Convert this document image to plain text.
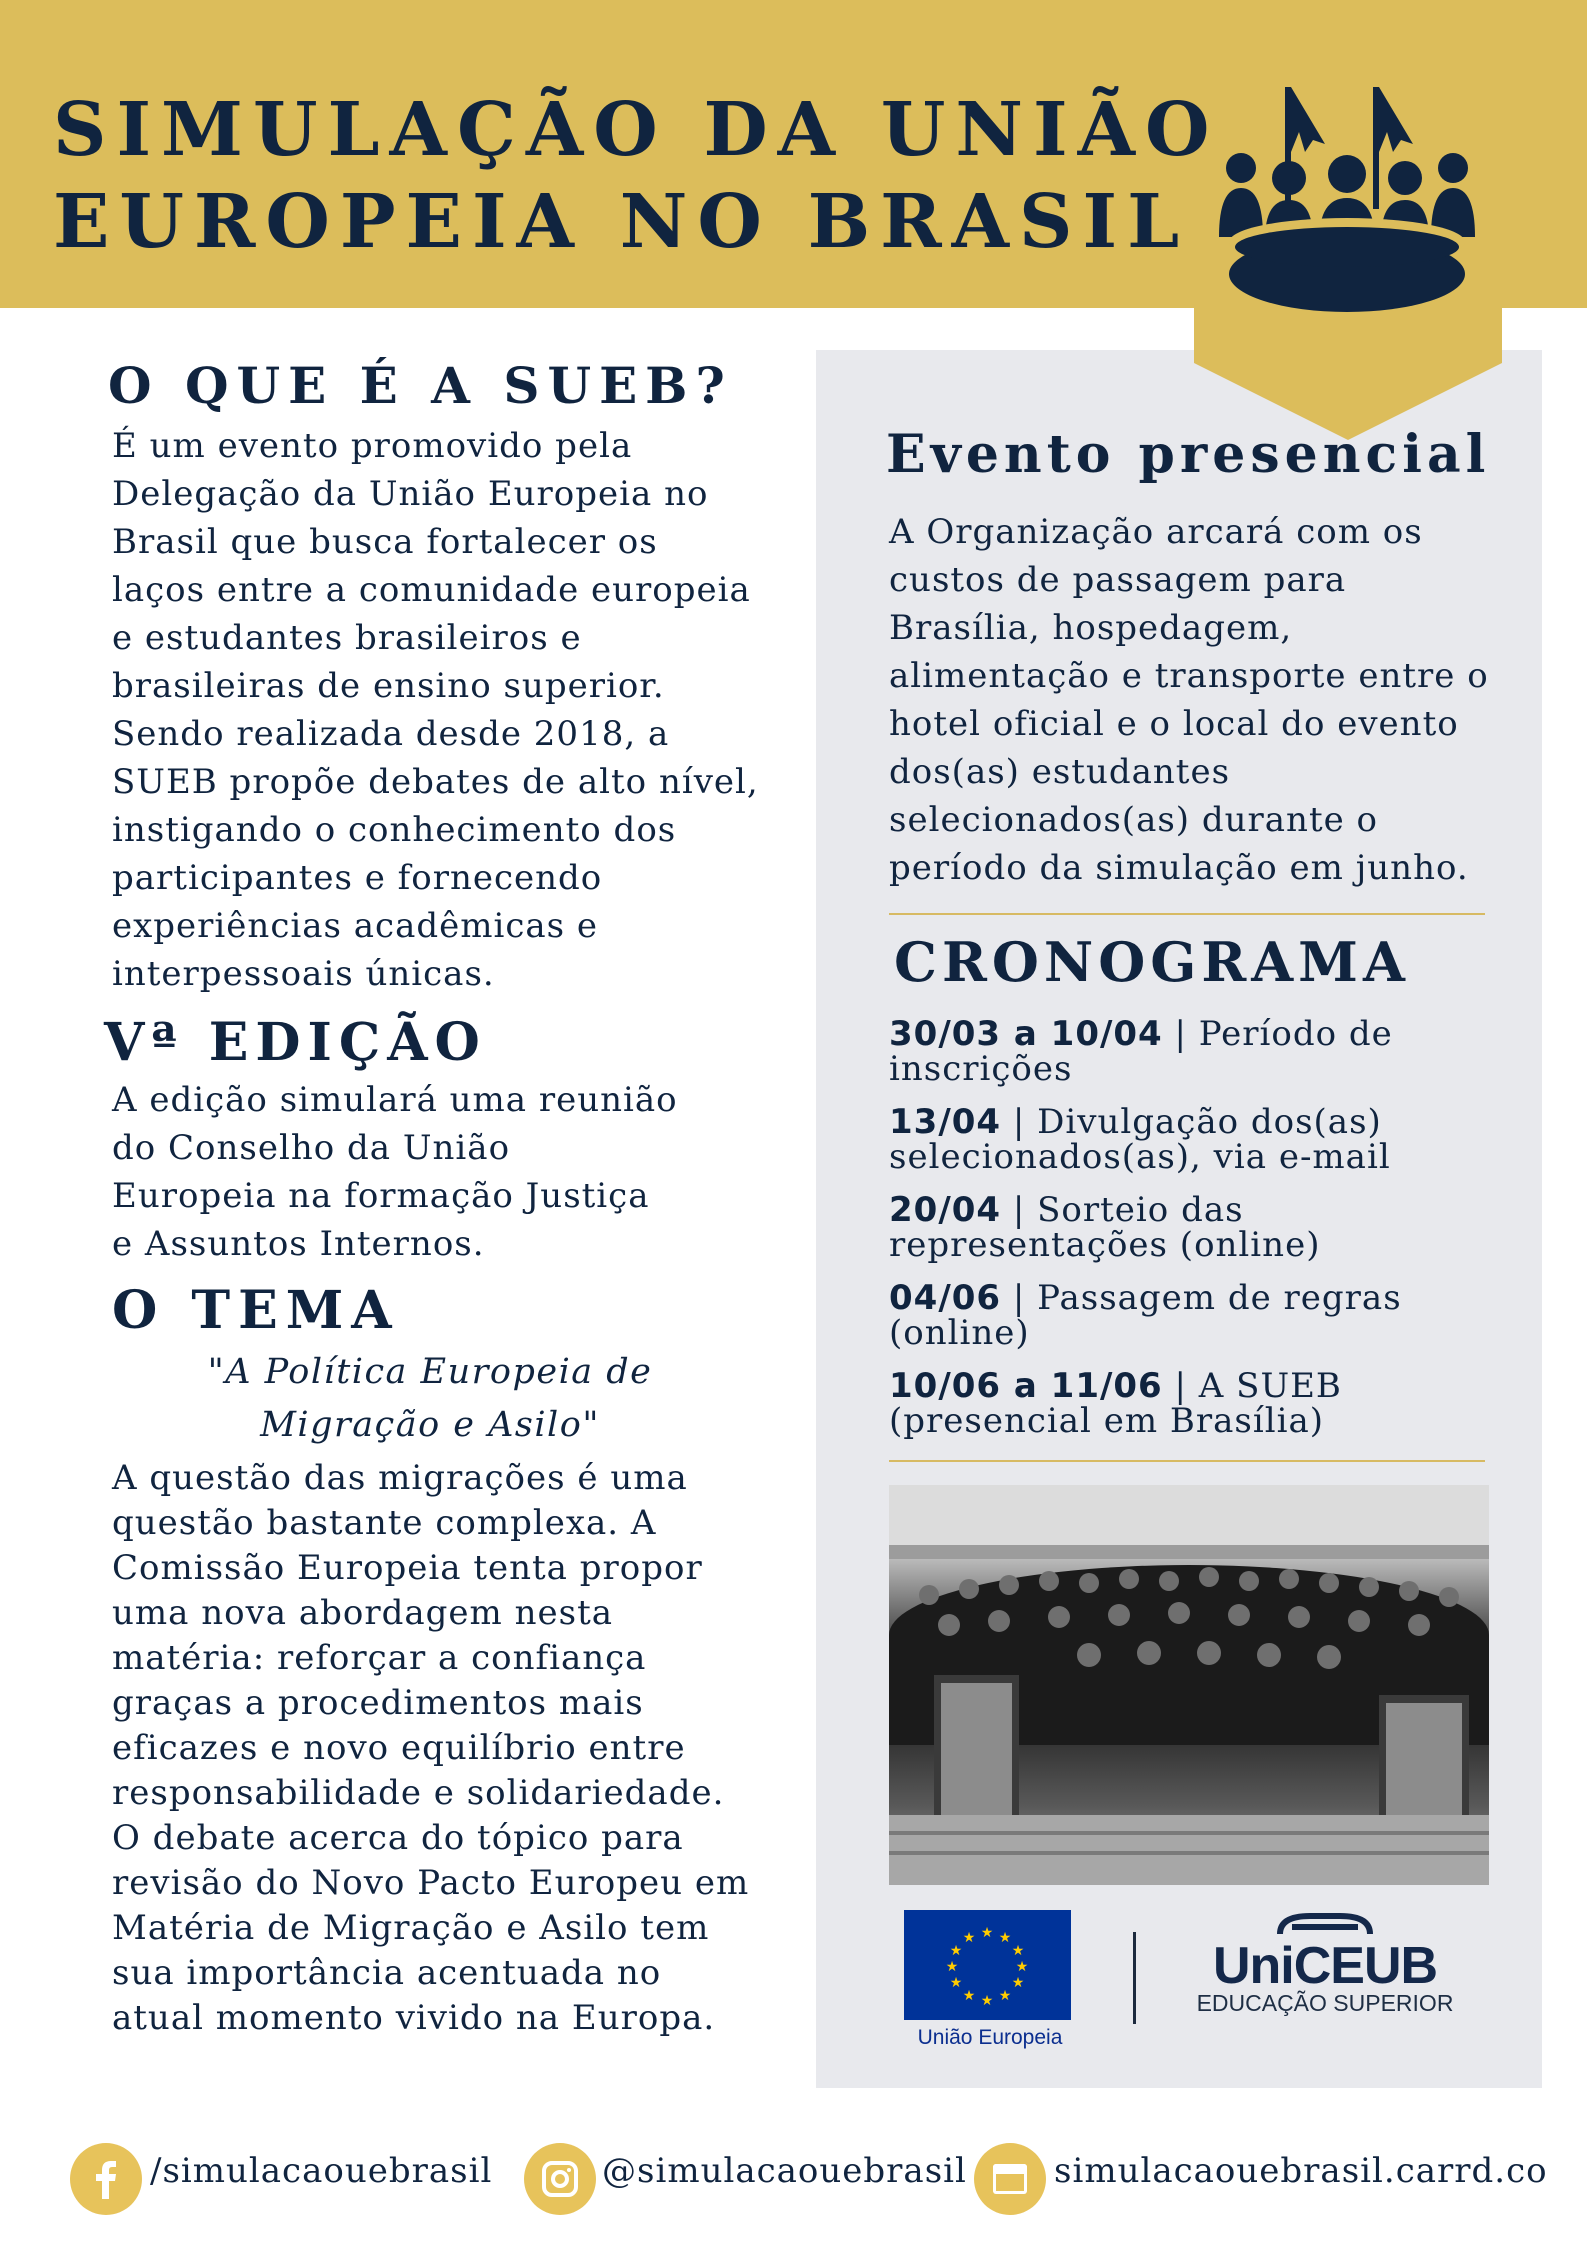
SIMULAÇÃO DA UNIÃO
EUROPEIA NO BRASIL
O QUE É A SUEB?

É um evento promovido pela Delegação da União Europeia no Brasil que busca fortalecer os laços entre a comunidade europeia e estudantes brasileiros e brasileiras de ensino superior. Sendo realizada desde 2018, a SUEB propõe debates de alto nível, instigando o conhecimento dos participantes e fornecendo experiências acadêmicas e interpessoais únicas.

Vª EDIÇÃO

A edição simulará uma reunião do Conselho da União Europeia na formação Justiça e Assuntos Internos.

O TEMA

"A Política Europeia de Migração e Asilo"

A questão das migrações é uma questão bastante complexa. A Comissão Europeia tenta propor uma nova abordagem nesta matéria: reforçar a confiança graças a procedimentos mais eficazes e novo equilíbrio entre responsabilidade e solidariedade. O debate acerca do tópico para revisão do Novo Pacto Europeu em Matéria de Migração e Asilo tem sua importância acentuada no atual momento vivido na Europa.

Evento presencial

A Organização arcará com os custos de passagem para Brasília, hospedagem, alimentação e transporte entre o hotel oficial e o local do evento dos(as) estudantes selecionados(as) durante o período da simulação em junho.

CRONOGRAMA

30/03 a 10/04 | Período de inscrições

13/04 | Divulgação dos(as) selecionados(as), via e-mail

20/04 | Sorteio das representações (online)

04/06 | Passagem de regras (online)

10/06 a 11/06 | A SUEB (presencial em Brasília)

★ ★
★
★
★
★
★
★
★
★
★
★
União Europeia
UniCEUB
EDUCAÇÃO SUPERIOR
/simulacaouebrasil	@simulacaouebrasil	simulacaouebrasil.carrd.co
